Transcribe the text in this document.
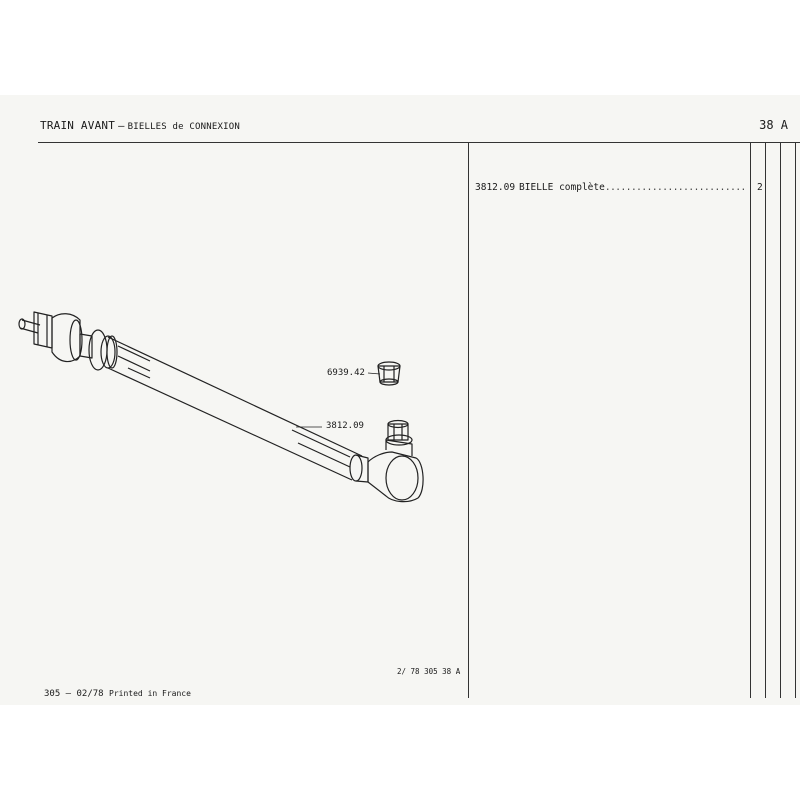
TRAIN AVANT – BIELLES de CONNEXION	38 A
3812.09 BIELLE complète........................... 2
6939.42
3812.09
2/ 78 305 38 A
305 – 02/78 Printed in France
